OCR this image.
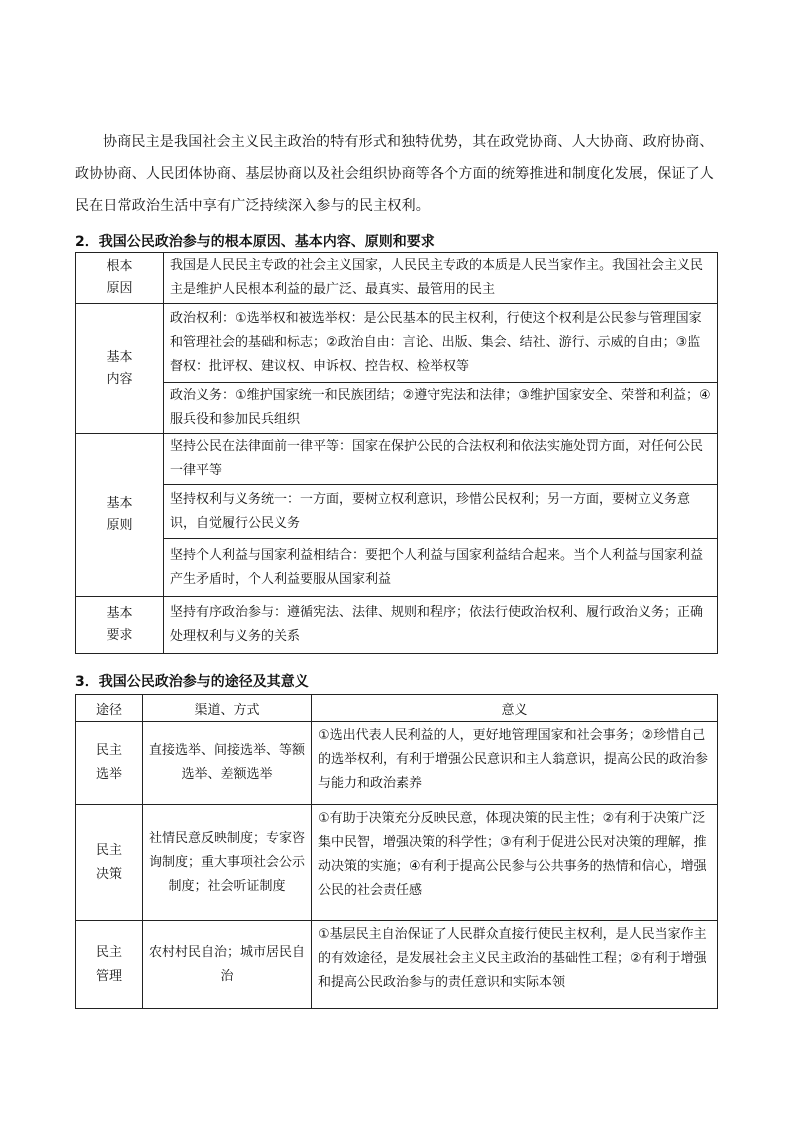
协商民主是我国社会主义民主政治的特有形式和独特优势，其在政党协商、人大协商、政府协商、政协协商、人民团体协商、基层协商以及社会组织协商等各个方面的统筹推进和制度化发展，保证了人民在日常政治生活中享有广泛持续深入参与的民主权利。
2．我国公民政治参与的根本原因、基本内容、原则和要求
根本原因	我国是人民民主专政的社会主义国家，人民民主专政的本质是人民当家作主。我国社会主义民主是维护人民根本利益的最广泛、最真实、最管用的民主
基本内容	政治权利：①选举权和被选举权：是公民基本的民主权利，行使这个权利是公民参与管理国家和管理社会的基础和标志；②政治自由：言论、出版、集会、结社、游行、示威的自由；③监督权：批评权、建议权、申诉权、控告权、检举权等
	政治义务：①维护国家统一和民族团结；②遵守宪法和法律；③维护国家安全、荣誉和利益；④服兵役和参加民兵组织
基本原则	坚持公民在法律面前一律平等：国家在保护公民的合法权利和依法实施处罚方面，对任何公民一律平等
	坚持权利与义务统一：一方面，要树立权利意识，珍惜公民权利；另一方面，要树立义务意识，自觉履行公民义务
	坚持个人利益与国家利益相结合：要把个人利益与国家利益结合起来。当个人利益与国家利益产生矛盾时，个人利益要服从国家利益
基本要求	坚持有序政治参与：遵循宪法、法律、规则和程序；依法行使政治权利、履行政治义务；正确处理权利与义务的关系
3．我国公民政治参与的途径及其意义
途径	渠道、方式	意义
民主选举	直接选举、间接选举、等额选举、差额选举	①选出代表人民利益的人，更好地管理国家和社会事务；②珍惜自己的选举权利，有利于增强公民意识和主人翁意识，提高公民的政治参与能力和政治素养
民主决策	社情民意反映制度；专家咨询制度；重大事项社会公示制度；社会听证制度	①有助于决策充分反映民意，体现决策的民主性；②有利于决策广泛集中民智，增强决策的科学性；③有利于促进公民对决策的理解，推动决策的实施；④有利于提高公民参与公共事务的热情和信心，增强公民的社会责任感
民主管理	农村村民自治；城市居民自治	①基层民主自治保证了人民群众直接行使民主权利，是人民当家作主的有效途径，是发展社会主义民主政治的基础性工程；②有利于增强和提高公民政治参与的责任意识和实际本领
